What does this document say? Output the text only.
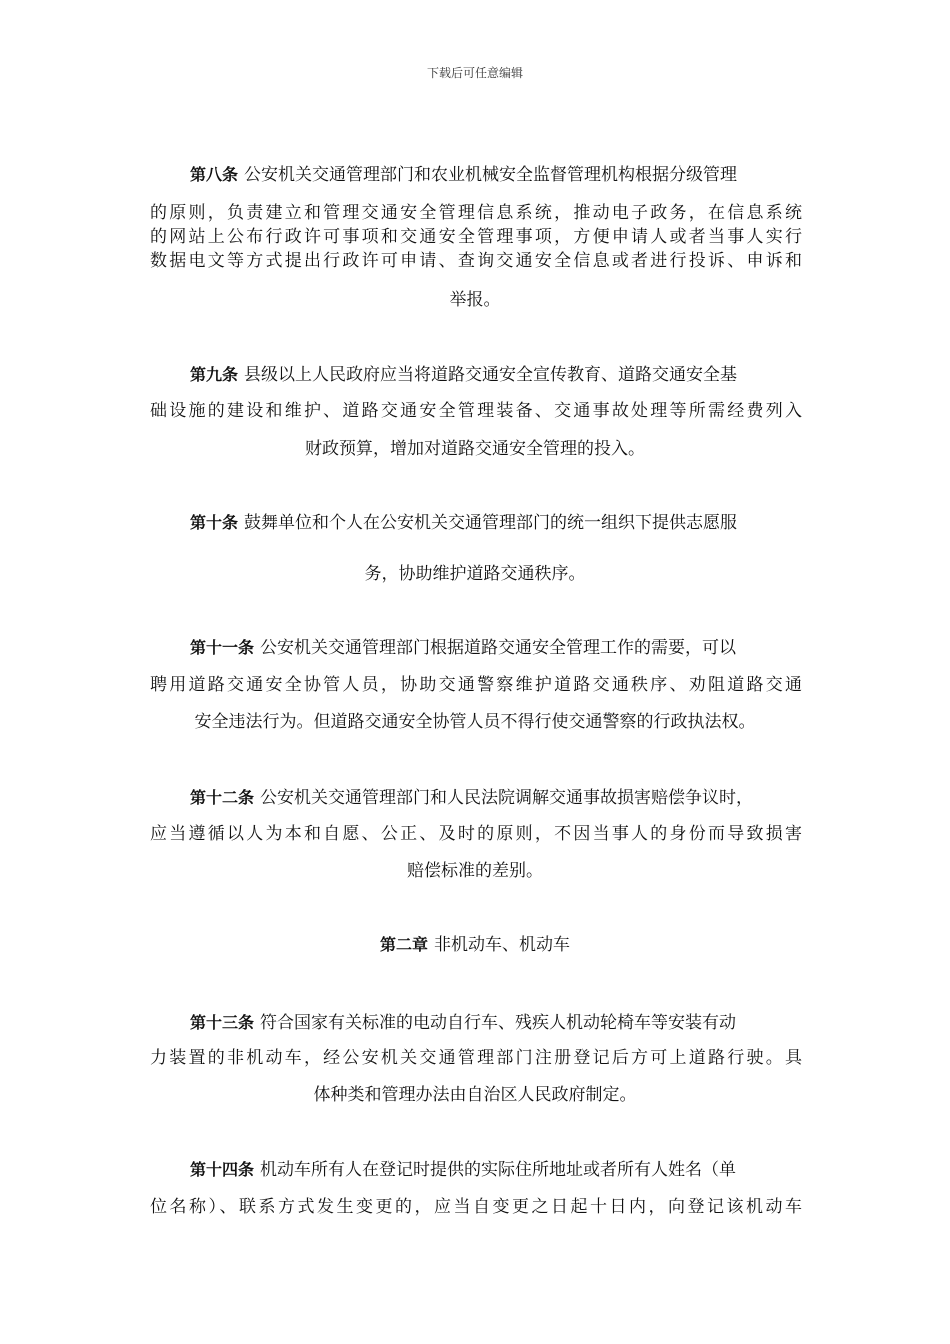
下载后可任意编辑
第八条 公安机关交通管理部门和农业机械安全监督管理机构根据分级管理
的原则，负责建立和管理交通安全管理信息系统，推动电子政务，在信息系统
的网站上公布行政许可事项和交通安全管理事项，方便申请人或者当事人实行
数据电文等方式提出行政许可申请、查询交通安全信息或者进行投诉、申诉和
举报。
第九条 县级以上人民政府应当将道路交通安全宣传教育、道路交通安全基
础设施的建设和维护、道路交通安全管理装备、交通事故处理等所需经费列入
财政预算，增加对道路交通安全管理的投入。
第十条 鼓舞单位和个人在公安机关交通管理部门的统一组织下提供志愿服
务，协助维护道路交通秩序。
第十一条 公安机关交通管理部门根据道路交通安全管理工作的需要，可以
聘用道路交通安全协管人员，协助交通警察维护道路交通秩序、劝阻道路交通
安全违法行为。但道路交通安全协管人员不得行使交通警察的行政执法权。
第十二条 公安机关交通管理部门和人民法院调解交通事故损害赔偿争议时，
应当遵循以人为本和自愿、公正、及时的原则，不因当事人的身份而导致损害
赔偿标准的差别。
第二章 非机动车、机动车
第十三条 符合国家有关标准的电动自行车、残疾人机动轮椅车等安装有动
力装置的非机动车，经公安机关交通管理部门注册登记后方可上道路行驶。具
体种类和管理办法由自治区人民政府制定。
第十四条 机动车所有人在登记时提供的实际住所地址或者所有人姓名（单
位名称）、联系方式发生变更的，应当自变更之日起十日内，向登记该机动车
